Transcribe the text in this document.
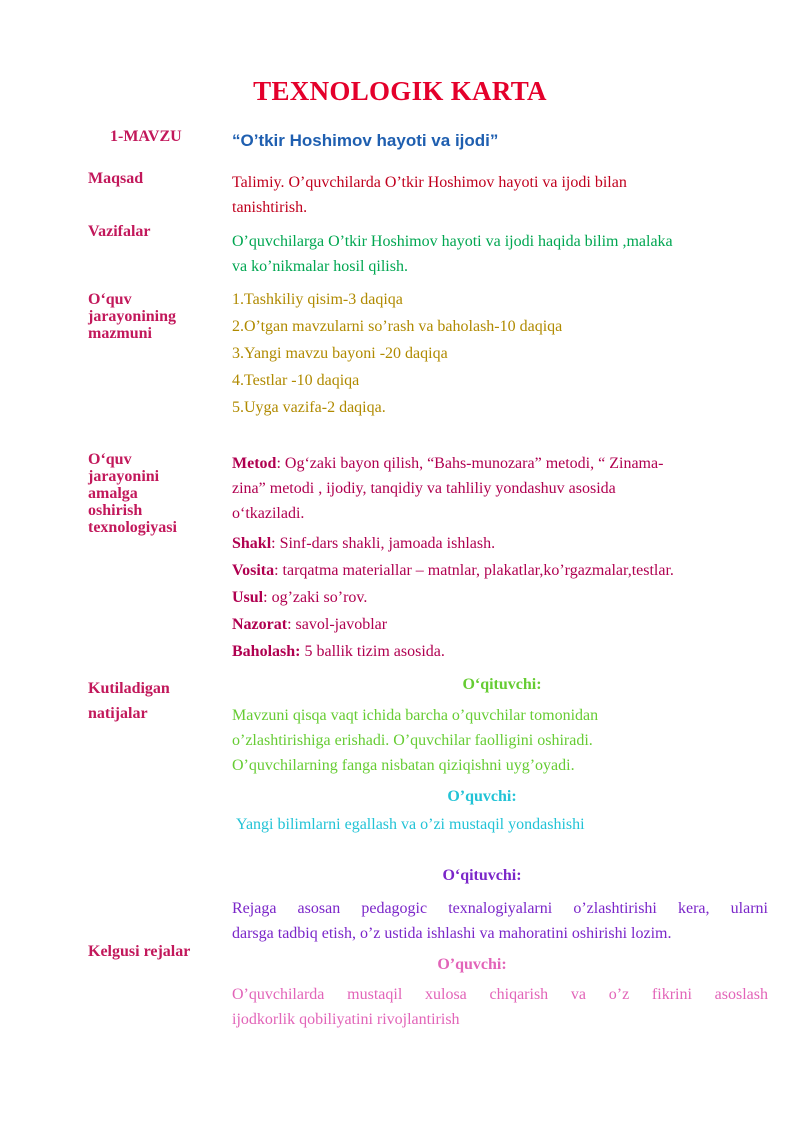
TEXNOLOGIK KARTA
1-MAVZU	“O’tkir Hoshimov hayoti va ijodi”
Maqsad	Talimiy. O’quvchilarda O’tkir Hoshimov hayoti va ijodi bilan
tanishtirish.
Vazifalar
O’quvchilarga O’tkir Hoshimov hayoti va ijodi haqida bilim ,malaka
va ko’nikmalar hosil qilish.
O‘quv
jarayonining
mazmuni
1.Tashkiliy qisim-3 daqiqa
2.O’tgan mavzularni so’rash va baholash-10 daqiqa
3.Yangi mavzu bayoni -20 daqiqa
4.Testlar -10 daqiqa
5.Uyga vazifa-2 daqiqa.
O‘quv
jarayonini
amalga
oshirish
texnologiyasi
Metod: Og‘zaki bayon qilish, “Bahs-munozara” metodi, “ Zinama-
zina” metodi , ijodiy, tanqidiy va tahliliy yondashuv asosida
o‘tkaziladi.
Shakl: Sinf-dars shakli, jamoada ishlash.
Vosita: tarqatma materiallar – matnlar, plakatlar,ko’rgazmalar,testlar.
Usul: og’zaki so’rov.
Nazorat: savol-javoblar
Baholash: 5 ballik tizim asosida.
Kutiladigan
natijalar
O‘qituvchi:
Mavzuni qisqa vaqt ichida barcha o’quvchilar tomonidan
o’zlashtirishiga erishadi. O’quvchilar faolligini oshiradi.
O’quvchilarning fanga nisbatan qiziqishni uyg’oyadi.
O’quvchi:
Yangi bilimlarni egallash va o’zi mustaqil yondashishi
Kelgusi rejalar
O‘qituvchi:
Rejaga asosan pedagogic texnalogiyalarni o’zlashtirishi kera, ularni
darsga tadbiq etish, o’z ustida ishlashi va mahoratini oshirishi lozim.
O’quvchi:
O’quvchilarda mustaqil xulosa chiqarish va o’z fikrini asoslash
ijodkorlik qobiliyatini rivojlantirish
